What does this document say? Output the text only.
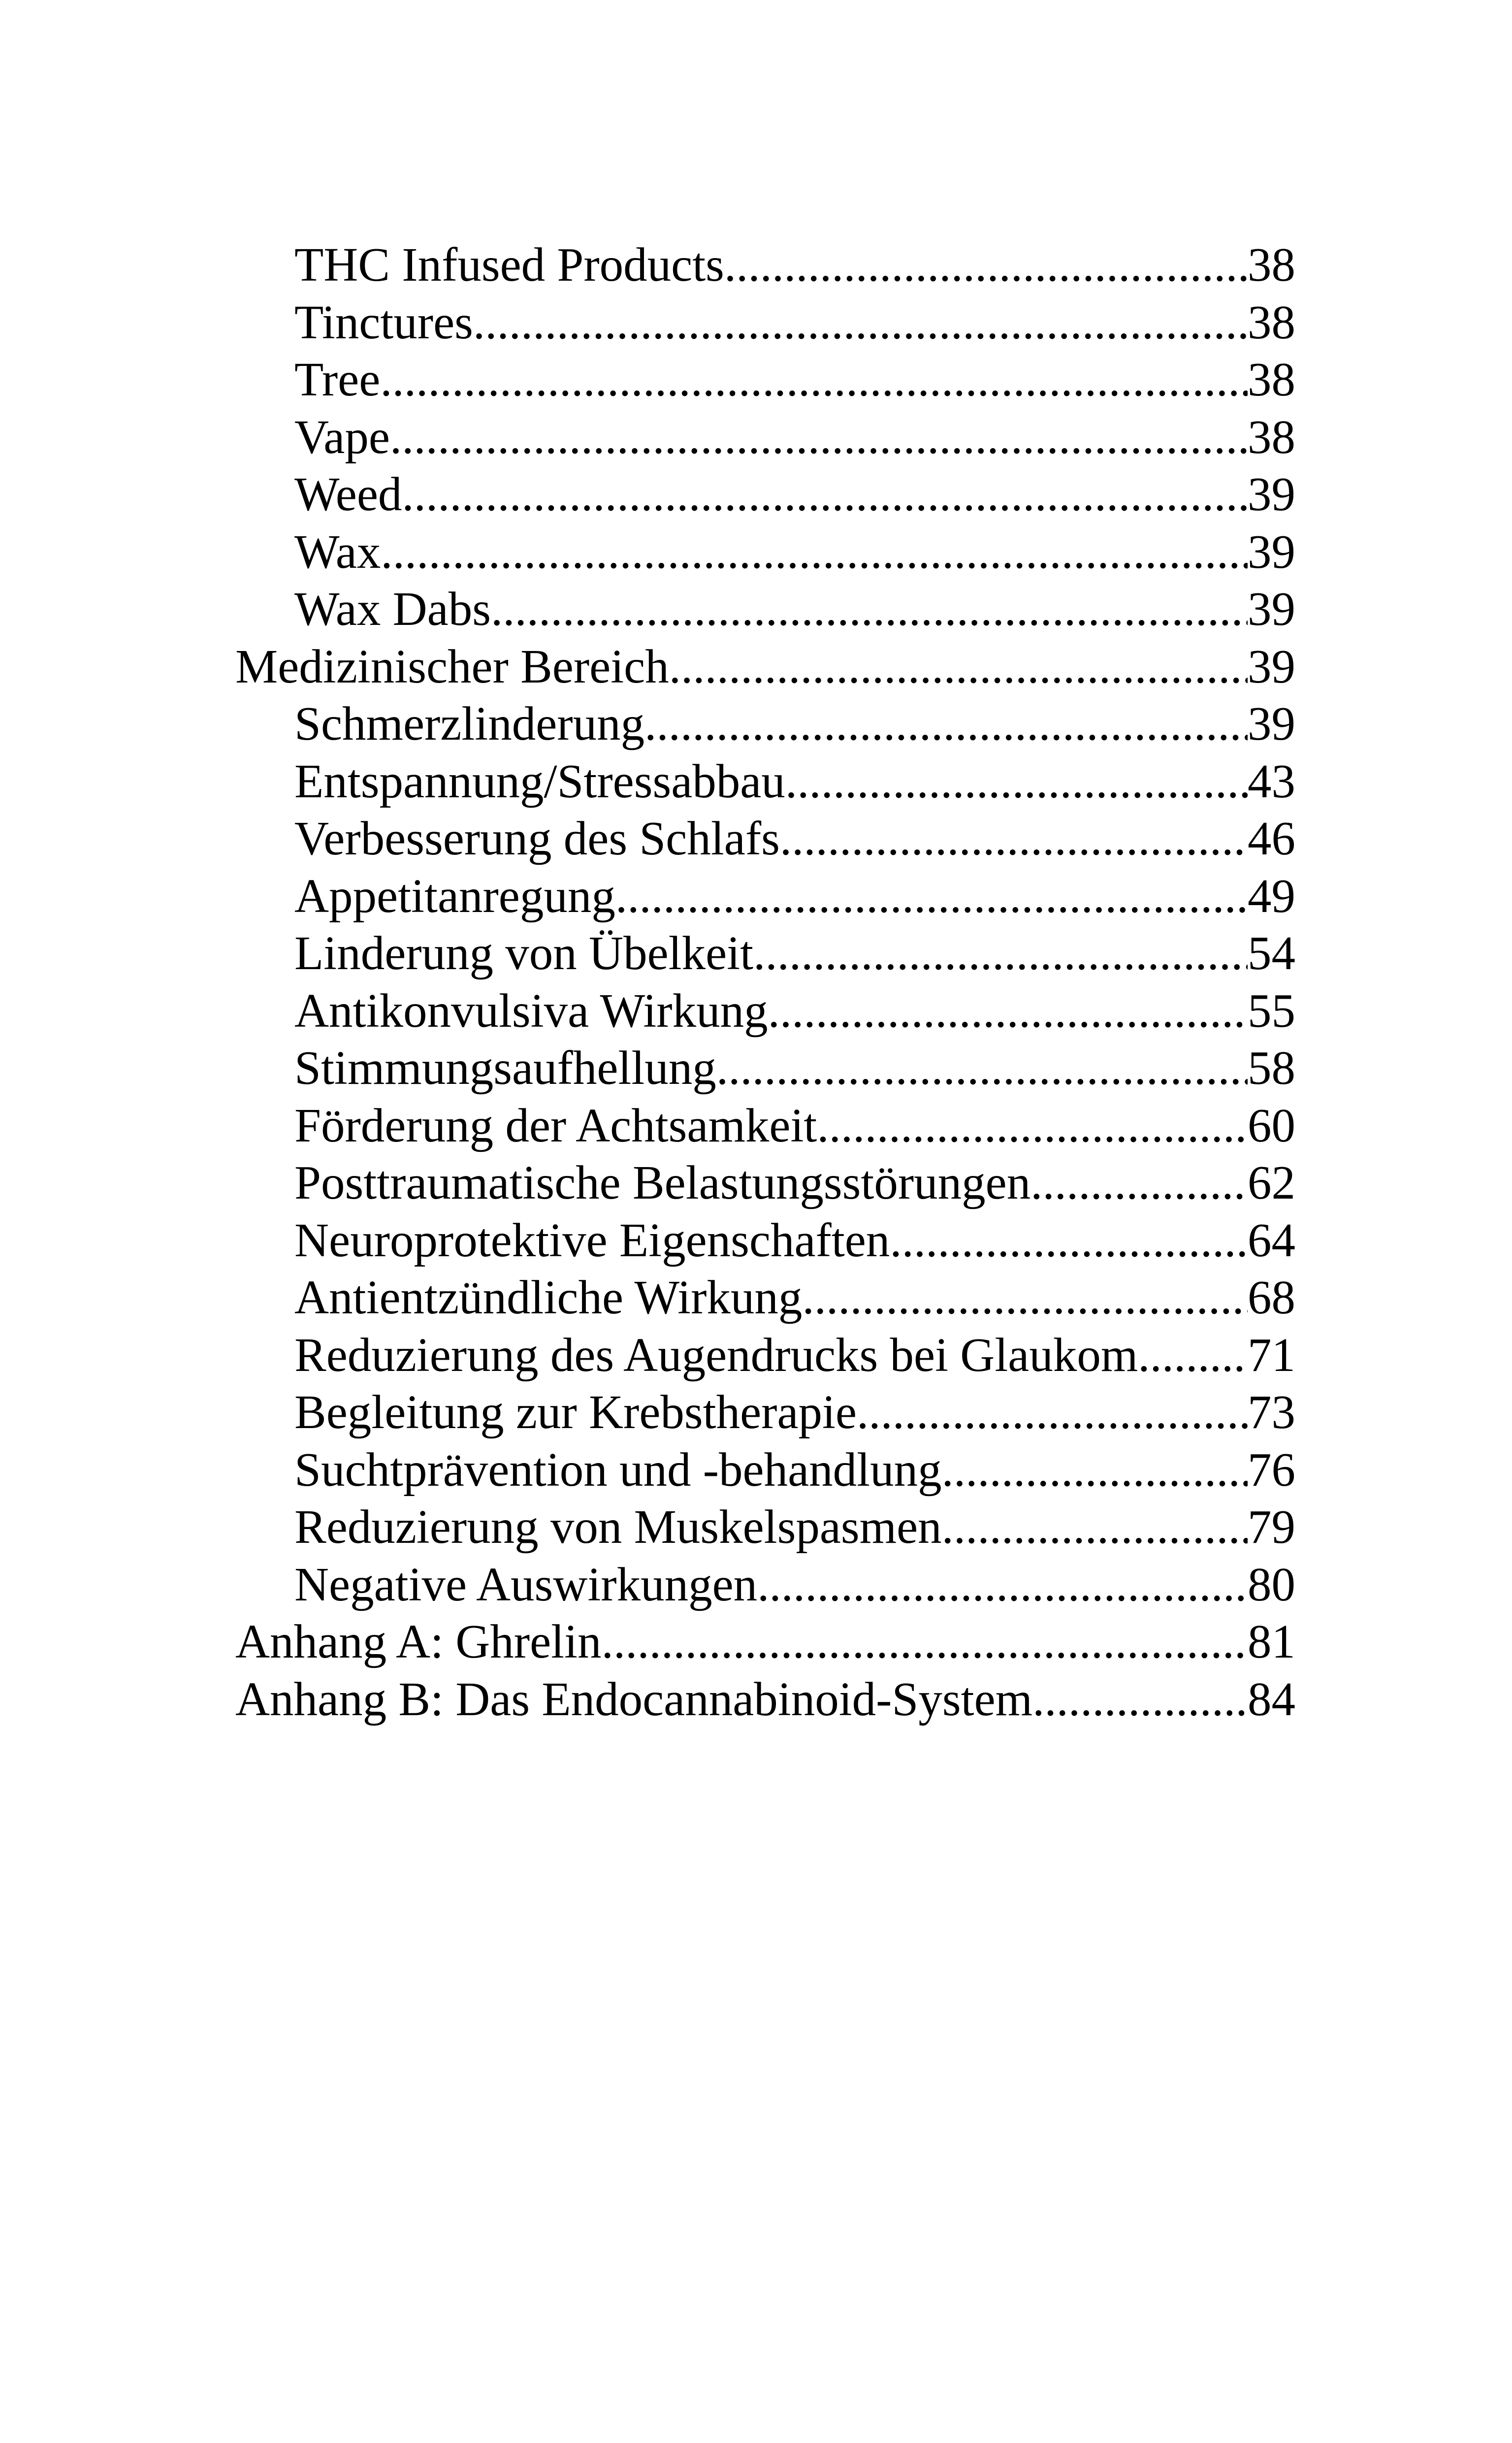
THC Infused Products .....	38
Tinctures .....	38
Tree .....	38
Vape .....	38
Weed .....	39
Wax .....	39
Wax Dabs .....	39
Medizinischer Bereich .....	39
Schmerzlinderung .....	39
Entspannung/Stressabbau .....	43
Verbesserung des Schlafs .....	46
Appetitanregung .....	49
Linderung von Übelkeit .....	54
Antikonvulsiva Wirkung .....	55
Stimmungsaufhellung .....	58
Förderung der Achtsamkeit .....	60
Posttraumatische Belastungsstörungen .....	62
Neuroprotektive Eigenschaften .....	64
Antientzündliche Wirkung .....	68
Reduzierung des Augendrucks bei Glaukom ..... 71
Begleitung zur Krebstherapie .....	73
Suchtprävention und -behandlung .....	76
Reduzierung von Muskelspasmen .....	79
Negative Auswirkungen .....	80
Anhang A: Ghrelin .....	81
Anhang B: Das Endocannabinoid-System .....	84
